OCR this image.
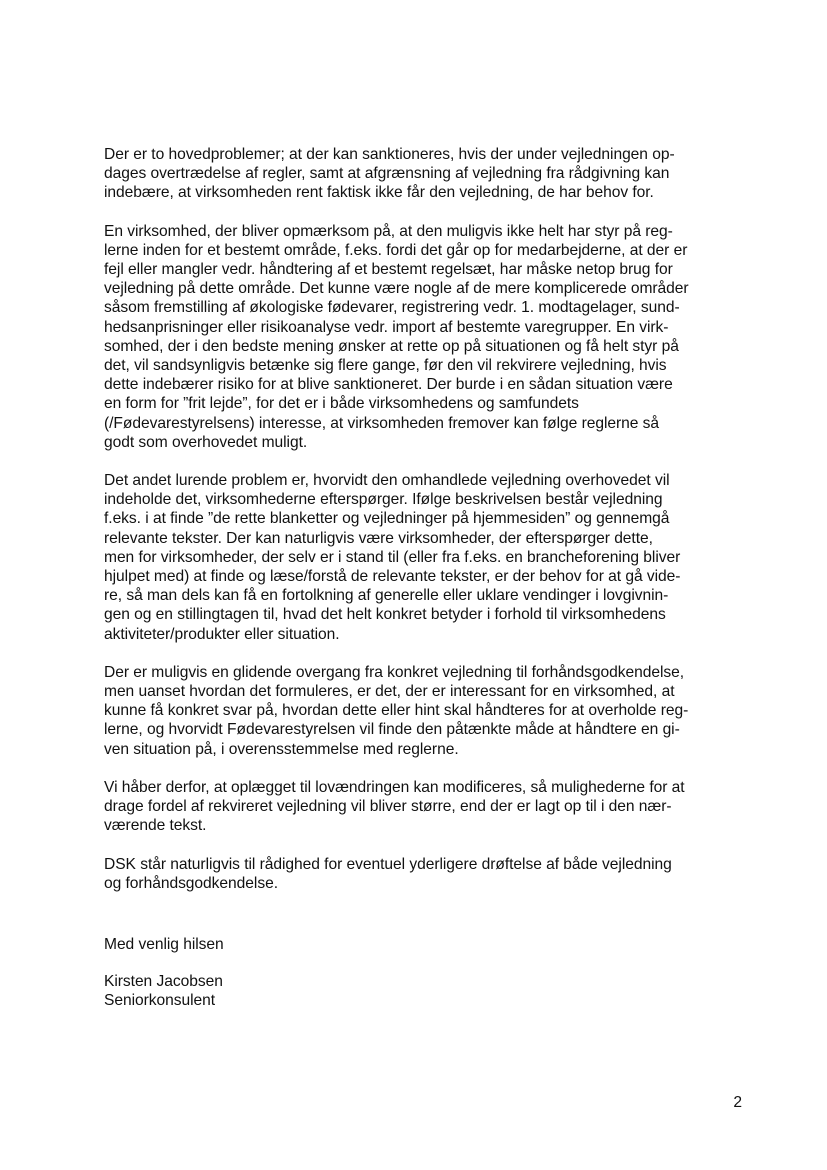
Der er to hovedproblemer; at der kan sanktioneres, hvis der under vejledningen op-
dages overtrædelse af regler, samt at afgrænsning af vejledning fra rådgivning kan
indebære, at virksomheden rent faktisk ikke får den vejledning, de har behov for.
En virksomhed, der bliver opmærksom på, at den muligvis ikke helt har styr på reg-
lerne inden for et bestemt område, f.eks. fordi det går op for medarbejderne, at der er
fejl eller mangler vedr. håndtering af et bestemt regelsæt, har måske netop brug for
vejledning på dette område. Det kunne være nogle af de mere komplicerede områder
såsom fremstilling af økologiske fødevarer, registrering vedr. 1. modtagelager, sund-
hedsanprisninger eller risikoanalyse vedr. import af bestemte varegrupper. En virk-
somhed, der i den bedste mening ønsker at rette op på situationen og få helt styr på
det, vil sandsynligvis betænke sig flere gange, før den vil rekvirere vejledning, hvis
dette indebærer risiko for at blive sanktioneret. Der burde i en sådan situation være
en form for ”frit lejde”, for det er i både virksomhedens og samfundets
(/Fødevarestyrelsens) interesse, at virksomheden fremover kan følge reglerne så
godt som overhovedet muligt.
Det andet lurende problem er, hvorvidt den omhandlede vejledning overhovedet vil
indeholde det, virksomhederne efterspørger. Ifølge beskrivelsen består vejledning
f.eks. i at finde ”de rette blanketter og vejledninger på hjemmesiden” og gennemgå
relevante tekster. Der kan naturligvis være virksomheder, der efterspørger dette,
men for virksomheder, der selv er i stand til (eller fra f.eks. en brancheforening bliver
hjulpet med) at finde og læse/forstå de relevante tekster, er der behov for at gå vide-
re, så man dels kan få en fortolkning af generelle eller uklare vendinger i lovgivnin-
gen og en stillingtagen til, hvad det helt konkret betyder i forhold til virksomhedens
aktiviteter/produkter eller situation.
Der er muligvis en glidende overgang fra konkret vejledning til forhåndsgodkendelse,
men uanset hvordan det formuleres, er det, der er interessant for en virksomhed, at
kunne få konkret svar på, hvordan dette eller hint skal håndteres for at overholde reg-
lerne, og hvorvidt Fødevarestyrelsen vil finde den påtænkte måde at håndtere en gi-
ven situation på, i overensstemmelse med reglerne.
Vi håber derfor, at oplægget til lovændringen kan modificeres, så mulighederne for at
drage fordel af rekvireret vejledning vil bliver større, end der er lagt op til i den nær-
værende tekst.
DSK står naturligvis til rådighed for eventuel yderligere drøftelse af både vejledning
og forhåndsgodkendelse.
Med venlig hilsen
Kirsten Jacobsen
Seniorkonsulent
2
